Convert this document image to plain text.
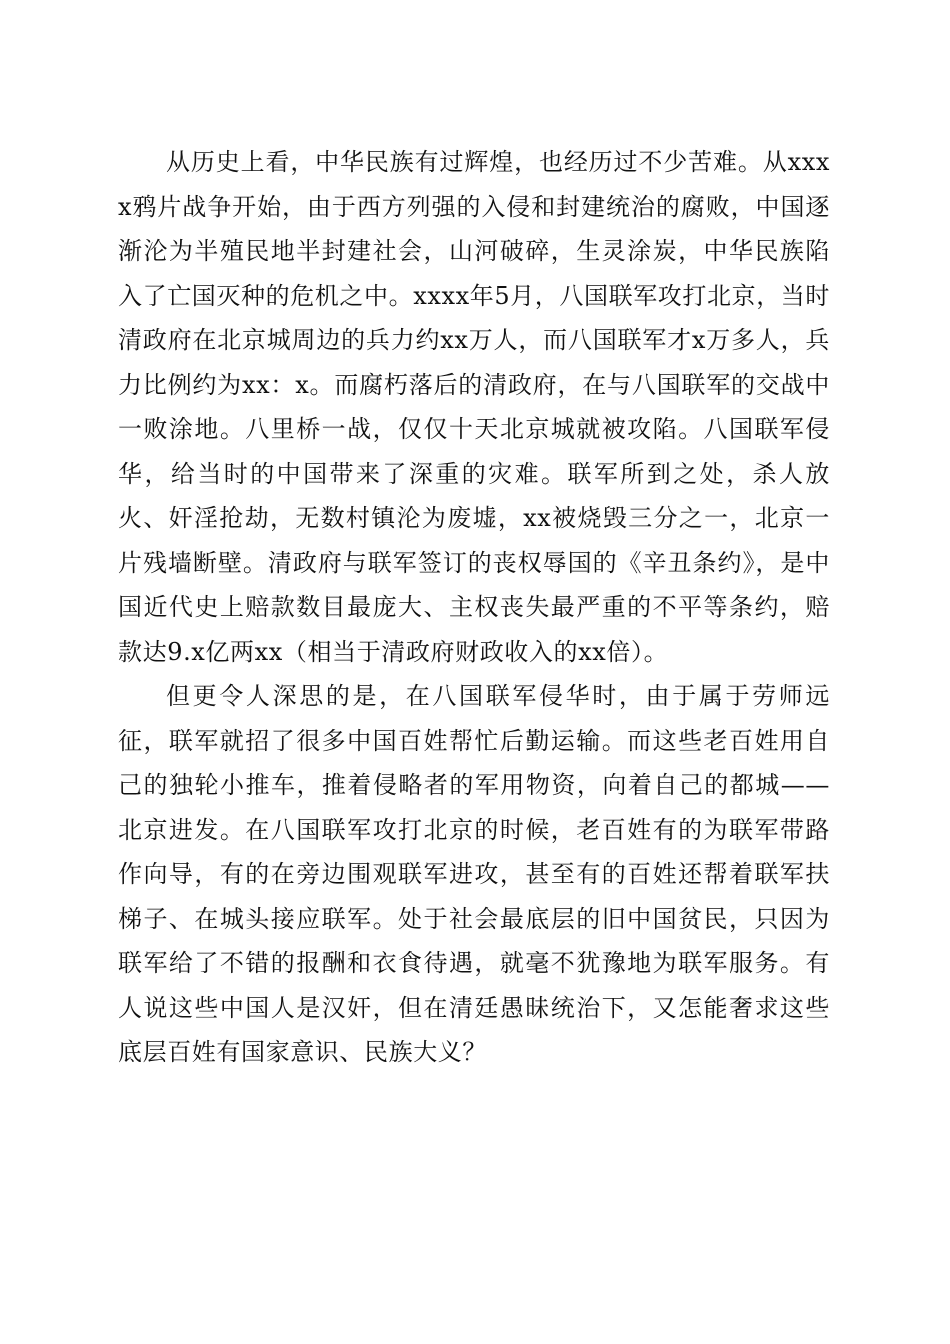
从历史上看，中华民族有过辉煌，也经历过不少苦难。从xxxx鸦片战争开始，由于西方列强的入侵和封建统治的腐败，中国逐渐沦为半殖民地半封建社会，山河破碎，生灵涂炭，中华民族陷入了亡国灭种的危机之中。xxxx年5月，八国联军攻打北京，当时清政府在北京城周边的兵力约xx万人，而八国联军才x万多人，兵力比例约为xx：x。而腐朽落后的清政府，在与八国联军的交战中一败涂地。八里桥一战，仅仅十天北京城就被攻陷。八国联军侵华，给当时的中国带来了深重的灾难。联军所到之处，杀人放火、奸淫抢劫，无数村镇沦为废墟，xx被烧毁三分之一，北京一片残墙断壁。清政府与联军签订的丧权辱国的《辛丑条约》，是中国近代史上赔款数目最庞大、主权丧失最严重的不平等条约，赔款达9.x亿两xx（相当于清政府财政收入的xx倍）。

但更令人深思的是，在八国联军侵华时，由于属于劳师远征，联军就招了很多中国百姓帮忙后勤运输。而这些老百姓用自己的独轮小推车，推着侵略者的军用物资，向着自己的都城——北京进发。在八国联军攻打北京的时候，老百姓有的为联军带路作向导，有的在旁边围观联军进攻，甚至有的百姓还帮着联军扶梯子、在城头接应联军。处于社会最底层的旧中国贫民，只因为联军给了不错的报酬和衣食待遇，就毫不犹豫地为联军服务。有人说这些中国人是汉奸，但在清廷愚昧统治下，又怎能奢求这些底层百姓有国家意识、民族大义？
